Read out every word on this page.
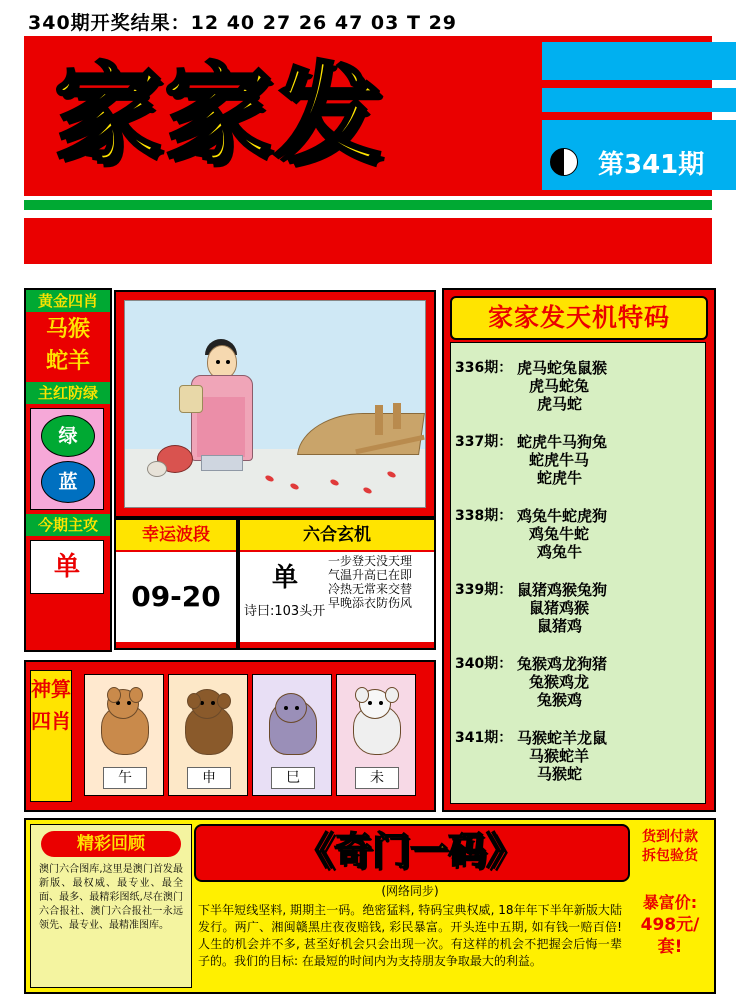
340期开奖结果：12 40 27 26 47 03 T 29
家家发	第341期
黄金四肖
马猴
蛇羊
主红防绿
绿
蓝
今期主攻
单
幸运波段
09-20
六合玄机
单
诗曰:103头开
一步登天没天理
气温升高已在即
冷热无常来交替
早晚添衣防伤风
家家发天机特码
336期： 虎马蛇兔鼠猴
虎马蛇兔
虎马蛇
337期： 蛇虎牛马狗兔
蛇虎牛马
蛇虎牛
338期： 鸡兔牛蛇虎狗
鸡兔牛蛇
鸡兔牛
339期： 鼠猪鸡猴兔狗
鼠猪鸡猴
鼠猪鸡
340期： 兔猴鸡龙狗猪
兔猴鸡龙
兔猴鸡
341期： 马猴蛇羊龙鼠
马猴蛇羊
马猴蛇
神算四肖
午	申	巳	未
精彩回顾
澳门六合图库,这里是澳门首发最新版、最权威、最专业、最全面、最多、最精彩图纸,尽在澳门六合报社、澳门六合报社一永远领先、最专业、最精准图库。
《奇门一码》
(网络同步)
下半年短线坚料, 期期主一码。绝密猛料, 特码宝典权威, 18年年下半年新版大陆发行。两广、湘闽赣黑庄夜夜赔钱, 彩民暴富。开头连中五期, 如有钱一赔百倍! 人生的机会并不多, 甚至好机会只会出现一次。有这样的机会不把握会后悔一辈子的。我们的目标: 在最短的时间内为支持朋友争取最大的利益。
货到付款
拆包验货
暴富价:
498元/套!
